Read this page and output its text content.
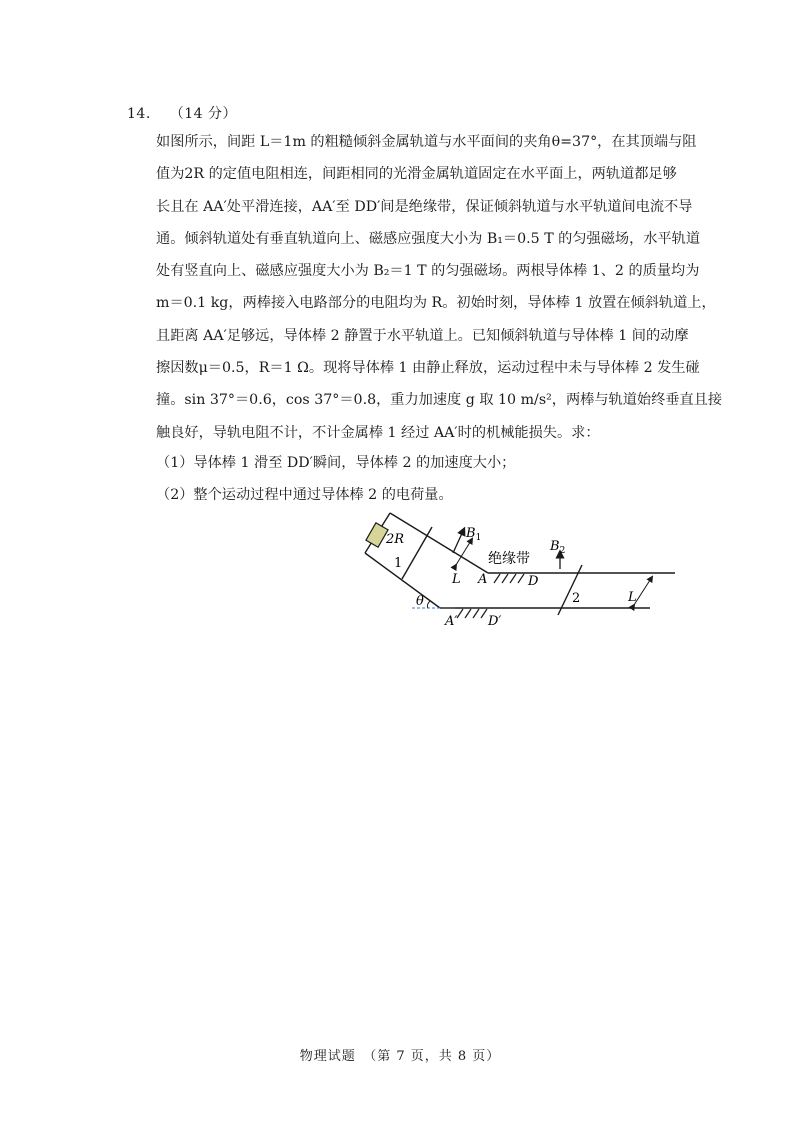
14. （14 分）
如图所示，间距 L＝1m 的粗糙倾斜金属轨道与水平面间的夹角θ=37°，在其顶端与阻
值为2R 的定值电阻相连，间距相同的光滑金属轨道固定在水平面上，两轨道都足够
长且在 AA′处平滑连接，AA′至 DD′间是绝缘带，保证倾斜轨道与水平轨道间电流不导
通。倾斜轨道处有垂直轨道向上、磁感应强度大小为 B₁＝0.5 T 的匀强磁场，水平轨道
处有竖直向上、磁感应强度大小为 B₂＝1 T 的匀强磁场。两根导体棒 1、2 的质量均为
m＝0.1 kg，两棒接入电路部分的电阻均为 R。初始时刻，导体棒 1 放置在倾斜轨道上，
且距离 AA′足够远，导体棒 2 静置于水平轨道上。已知倾斜轨道与导体棒 1 间的动摩
擦因数μ＝0.5，R＝1 Ω。现将导体棒 1 由静止释放，运动过程中未与导体棒 2 发生碰
撞。sin 37°＝0.6，cos 37°＝0.8，重力加速度 g 取 10 m/s²，两棒与轨道始终垂直且接
触良好，导轨电阻不计，不计金属棒 1 经过 AA′时的机械能损失。求：
（1）导体棒 1 滑至 DD′瞬间，导体棒 2 的加速度大小；
（2）整个运动过程中通过导体棒 2 的电荷量。
2R
1
2
$B_1$
$B_2$
绝缘带
L
L
A	D
A′ D′
θ
物理试题　（第 7 页，共 8 页）
